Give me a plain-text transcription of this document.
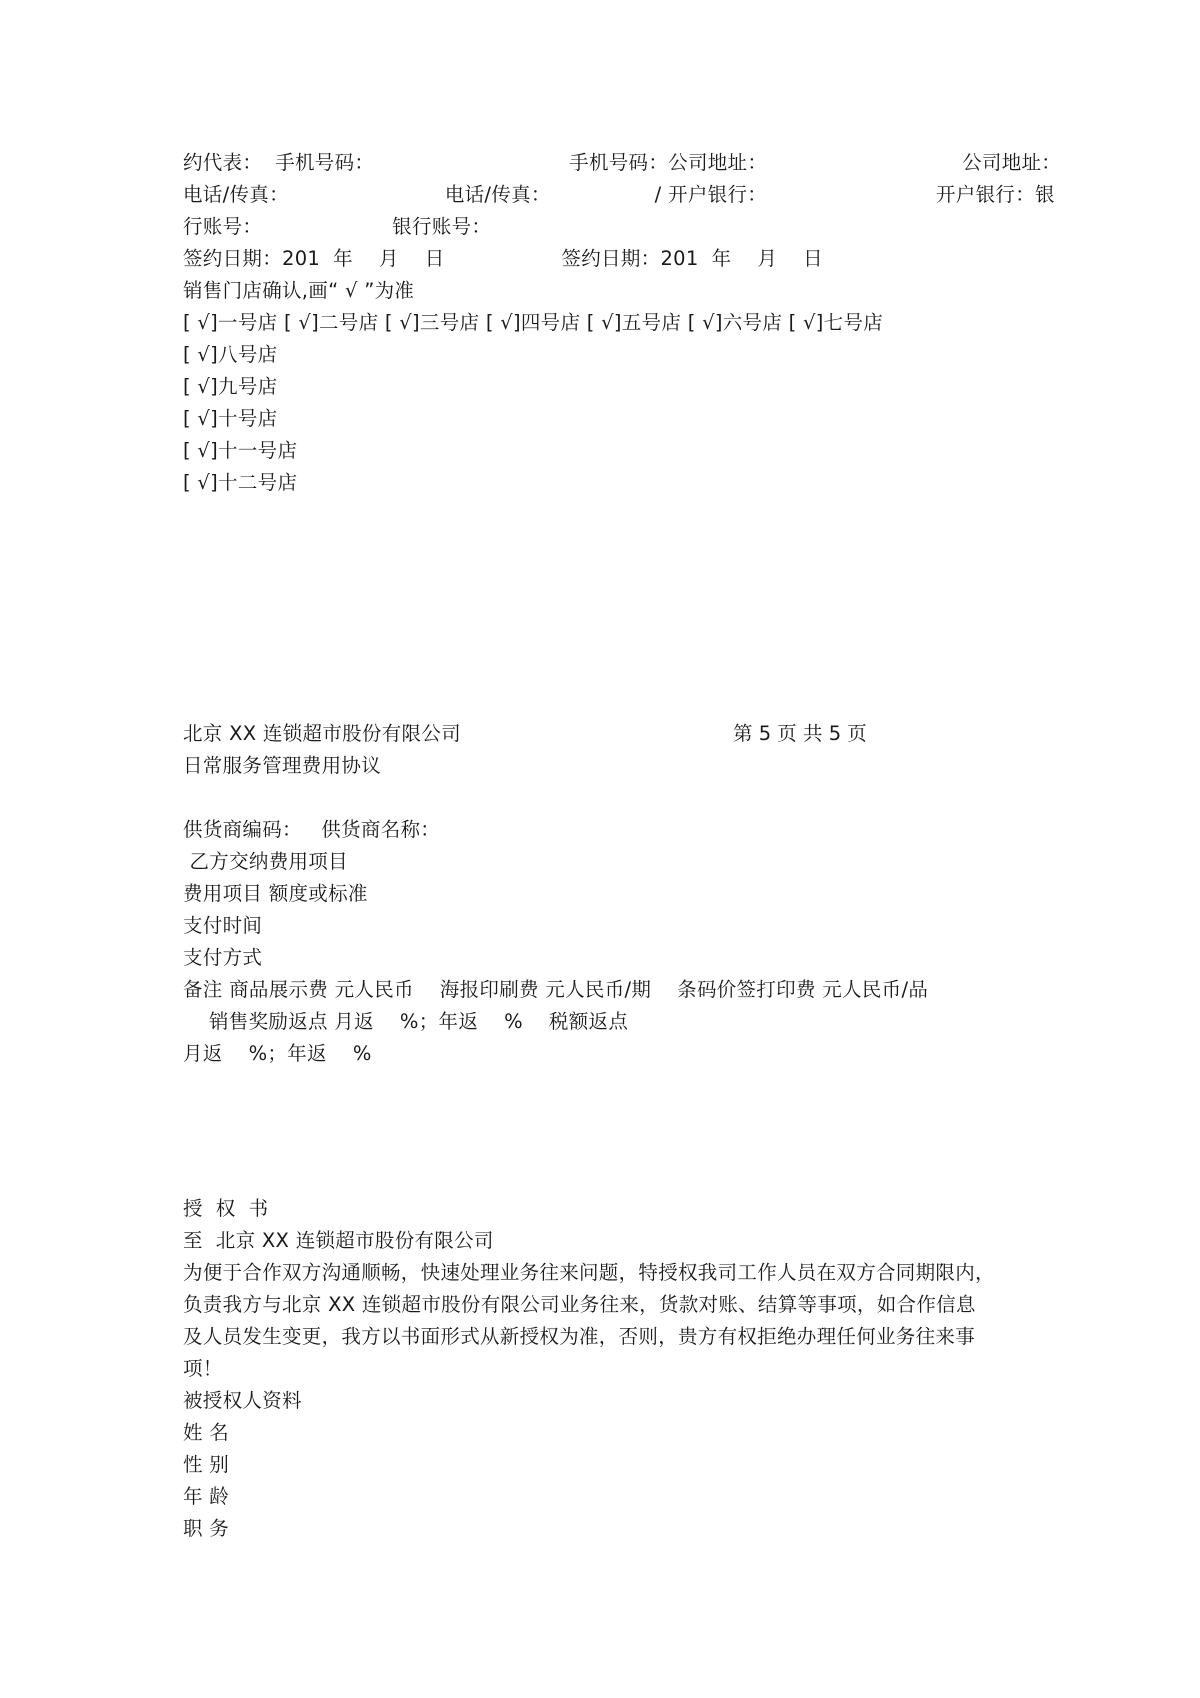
约代表：  手机号码：                              手机号码：公司地址：                              公司地址：

电话/传真：                        电话/传真：                / 开户银行：                          开户银行：银

行账号：                    银行账号：

签约日期：201  年    月    日                  签约日期：201  年    月    日

销售门店确认,画“ √ ”为准

[ √]一号店 [ √]二号店 [ √]三号店 [ √]四号店 [ √]五号店 [ √]六号店 [ √]七号店

[ √]八号店

[ √]九号店

[ √]十号店

[ √]十一号店

[ √]十二号店

北京 XX 连锁超市股份有限公司	第 5 页 共 5 页

日常服务管理费用协议

供货商编码：   供货商名称：

乙方交纳费用项目

费用项目 额度或标准

支付时间

支付方式

备注 商品展示费 元人民币    海报印刷费 元人民币/期    条码价签打印费 元人民币/品

销售奖励返点 月返    %；年返    %    税额返点

月返    %；年返    %

授  权  书

至  北京 XX 连锁超市股份有限公司

为便于合作双方沟通顺畅，快速处理业务往来问题，特授权我司工作人员在双方合同期限内，

负责我方与北京 XX 连锁超市股份有限公司业务往来，货款对账、结算等事项，如合作信息

及人员发生变更，我方以书面形式从新授权为准，否则，贵方有权拒绝办理任何业务往来事

项！

被授权人资料

姓 名

性 别

年 龄

职 务
